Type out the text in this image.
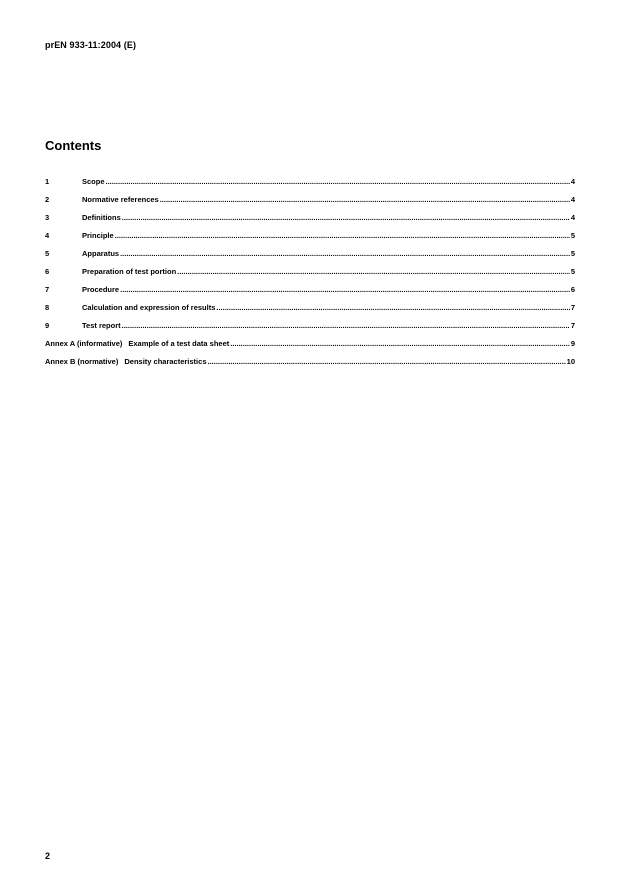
prEN 933-11:2004 (E)
Contents
1	Scope .....	4
2	Normative references .....	4
3	Definitions .....	4
4	Principle .....	5
5	Apparatus .....	5
6	Preparation of test portion .....	5
7	Procedure .....	6
8	Calculation and expression of results .....	7
9	Test report .....	7
Annex A (informative) Example of a test data sheet .....	9
Annex B (normative) Density characteristics .....	10
2
